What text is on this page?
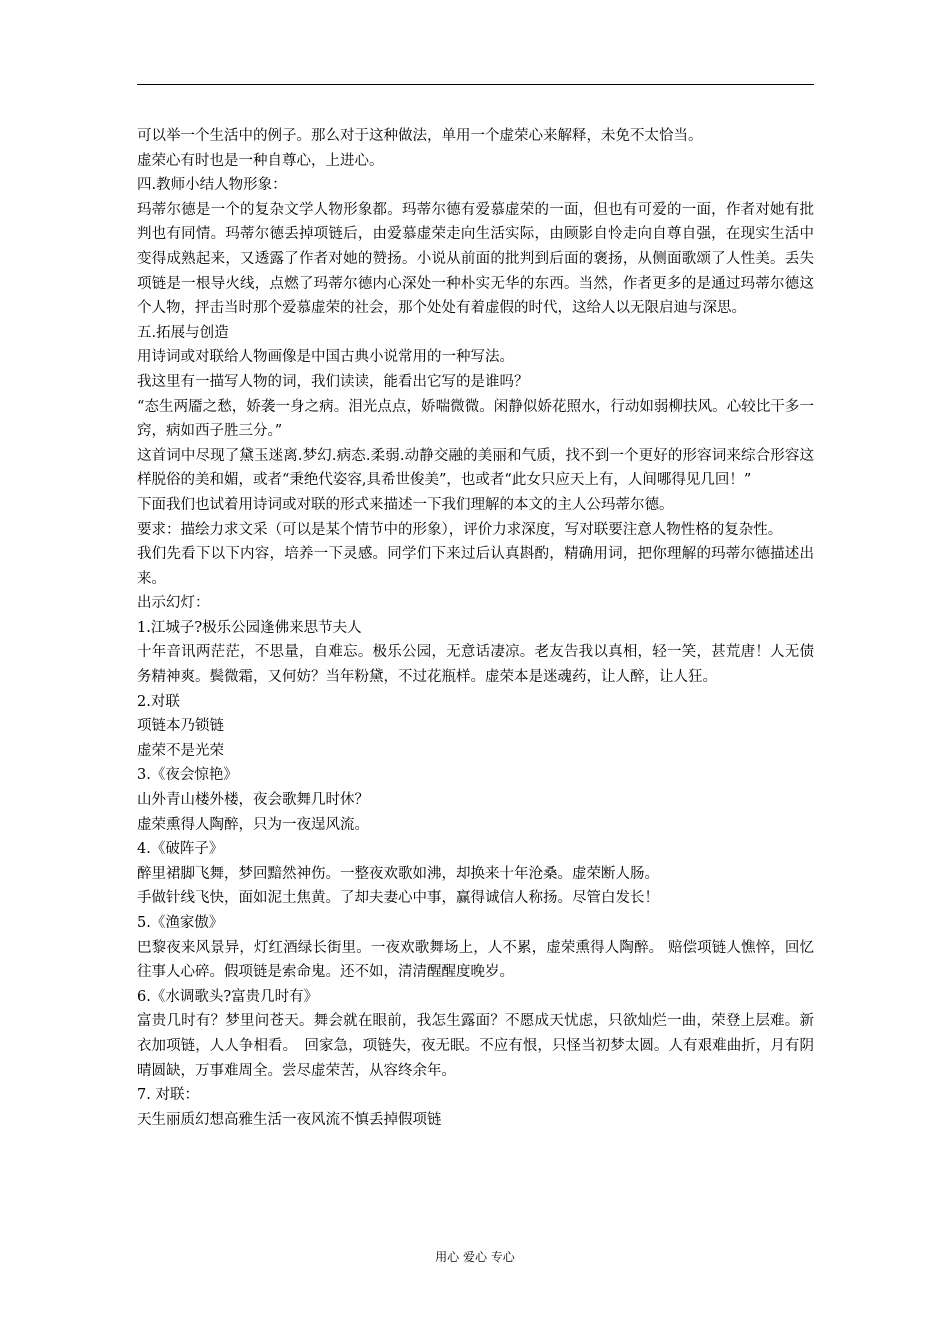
可以举一个生活中的例子。那么对于这种做法，单用一个虚荣心来解释，未免不太恰当。

虚荣心有时也是一种自尊心，上进心。

四.教师小结人物形象：

玛蒂尔德是一个的复杂文学人物形象都。玛蒂尔德有爱慕虚荣的一面，但也有可爱的一面，作者对她有批判也有同情。玛蒂尔德丢掉项链后，由爱慕虚荣走向生活实际，由顾影自怜走向自尊自强，在现实生活中变得成熟起来，又透露了作者对她的赞扬。小说从前面的批判到后面的褒扬，从侧面歌颂了人性美。丢失项链是一根导火线，点燃了玛蒂尔德内心深处一种朴实无华的东西。当然，作者更多的是通过玛蒂尔德这个人物，抨击当时那个爱慕虚荣的社会，那个处处有着虚假的时代，这给人以无限启迪与深思。

五.拓展与创造

用诗词或对联给人物画像是中国古典小说常用的一种写法。

我这里有一描写人物的词，我们读读，能看出它写的是谁吗？

“态生两靥之愁，娇袭一身之病。泪光点点，娇喘微微。闲静似娇花照水，行动如弱柳扶风。心较比干多一窍，病如西子胜三分。”

这首词中尽现了黛玉迷离.梦幻.病态.柔弱.动静交融的美丽和气质，找不到一个更好的形容词来综合形容这样脱俗的美和媚，或者“秉绝代姿容,具希世俊美”，也或者“此女只应天上有，人间哪得见几回！”

下面我们也试着用诗词或对联的形式来描述一下我们理解的本文的主人公玛蒂尔德。

要求：描绘力求文采（可以是某个情节中的形象），评价力求深度，写对联要注意人物性格的复杂性。

我们先看下以下内容，培养一下灵感。同学们下来过后认真斟酌，精确用词，把你理解的玛蒂尔德描述出来。

出示幻灯：

1.江城子?极乐公园逢佛来思节夫人

十年音讯两茫茫，不思量，自难忘。极乐公园，无意话凄凉。老友告我以真相，轻一笑，甚荒唐！人无债务精神爽。鬓微霜，又何妨？当年粉黛，不过花瓶样。虚荣本是迷魂药，让人醉，让人狂。

2.对联

项链本乃锁链

虚荣不是光荣

3.《夜会惊艳》

山外青山楼外楼，夜会歌舞几时休？

虚荣熏得人陶醉，只为一夜逞风流。

4.《破阵子》

醉里裙脚飞舞，梦回黯然神伤。一整夜欢歌如沸，却换来十年沧桑。虚荣断人肠。

手做针线飞快，面如泥土焦黄。了却夫妻心中事，赢得诚信人称扬。尽管白发长！

5.《渔家傲》

巴黎夜来风景异，灯红酒绿长街里。一夜欢歌舞场上，人不累，虚荣熏得人陶醉。 赔偿项链人憔悴，回忆往事人心碎。假项链是索命鬼。还不如，清清醒醒度晚岁。

6.《水调歌头?富贵几时有》

富贵几时有？梦里问苍天。舞会就在眼前，我怎生露面？不愿成天忧虑，只欲灿烂一曲，荣登上层难。新衣加项链，人人争相看。　回家急，项链失，夜无眠。不应有恨，只怪当初梦太圆。人有艰难曲折，月有阴晴圆缺，万事难周全。尝尽虚荣苦，从容终余年。

7. 对联：

天生丽质幻想高雅生活一夜风流不慎丢掉假项链

用心 爱心 专心
